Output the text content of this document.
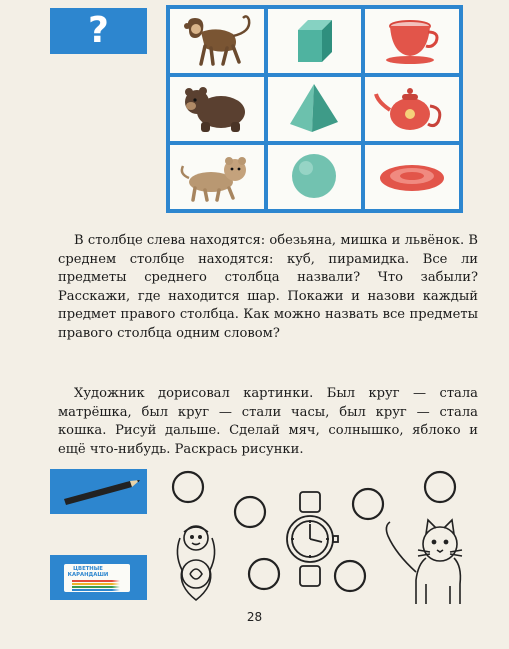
?

В столбце слева находятся: обезьяна, мишка и львёнок. В среднем столбце находятся: куб, пирамидка. Все ли предметы среднего столбца назвали? Что забыли? Расскажи, где находится шар. Покажи и назови каждый предмет правого столбца. Как можно назвать все предметы правого столбца одним словом?

Художник дорисовал картинки. Был круг — стала матрёшка, был круг — стали часы, был круг — стала кошка. Рисуй дальше. Сделай мяч, солнышко, яблоко и ещё что-нибудь. Раскрась рисунки.

ЦВЕТНЫЕ КАРАНДАШИ
28
